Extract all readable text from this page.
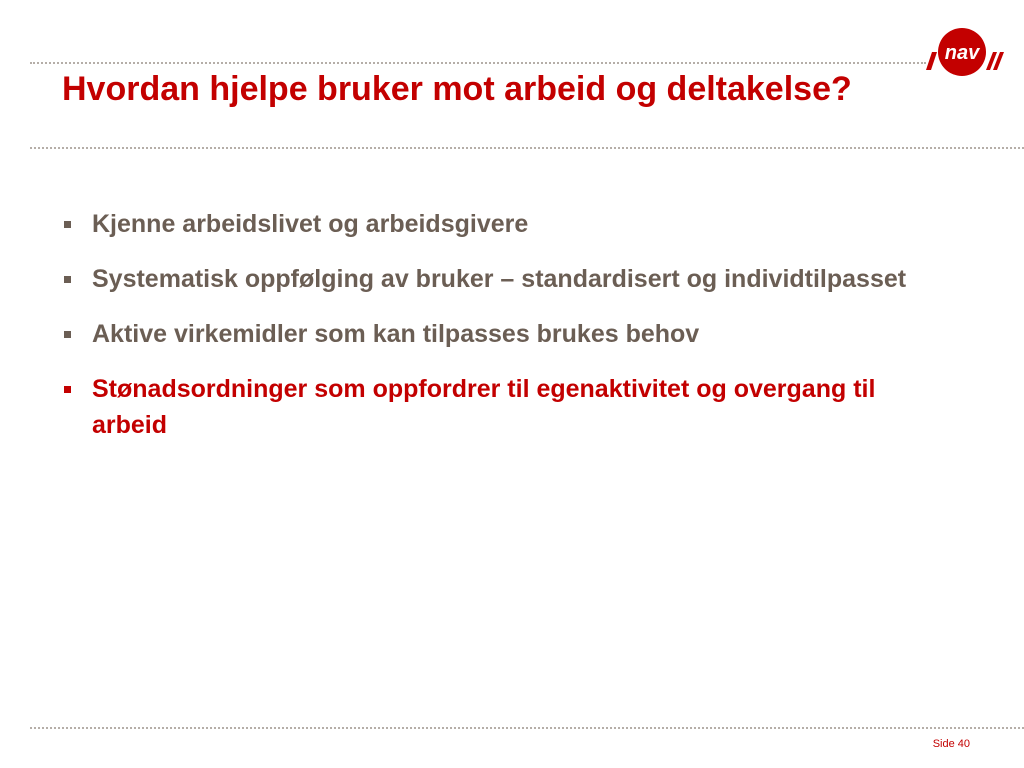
nav
Hvordan hjelpe bruker mot arbeid og deltakelse?
Kjenne arbeidslivet og arbeidsgivere
Systematisk oppfølging av bruker – standardisert og individtilpasset
Aktive virkemidler som kan tilpasses brukes behov
Stønadsordninger som oppfordrer til egenaktivitet og overgang til arbeid
Side 40
